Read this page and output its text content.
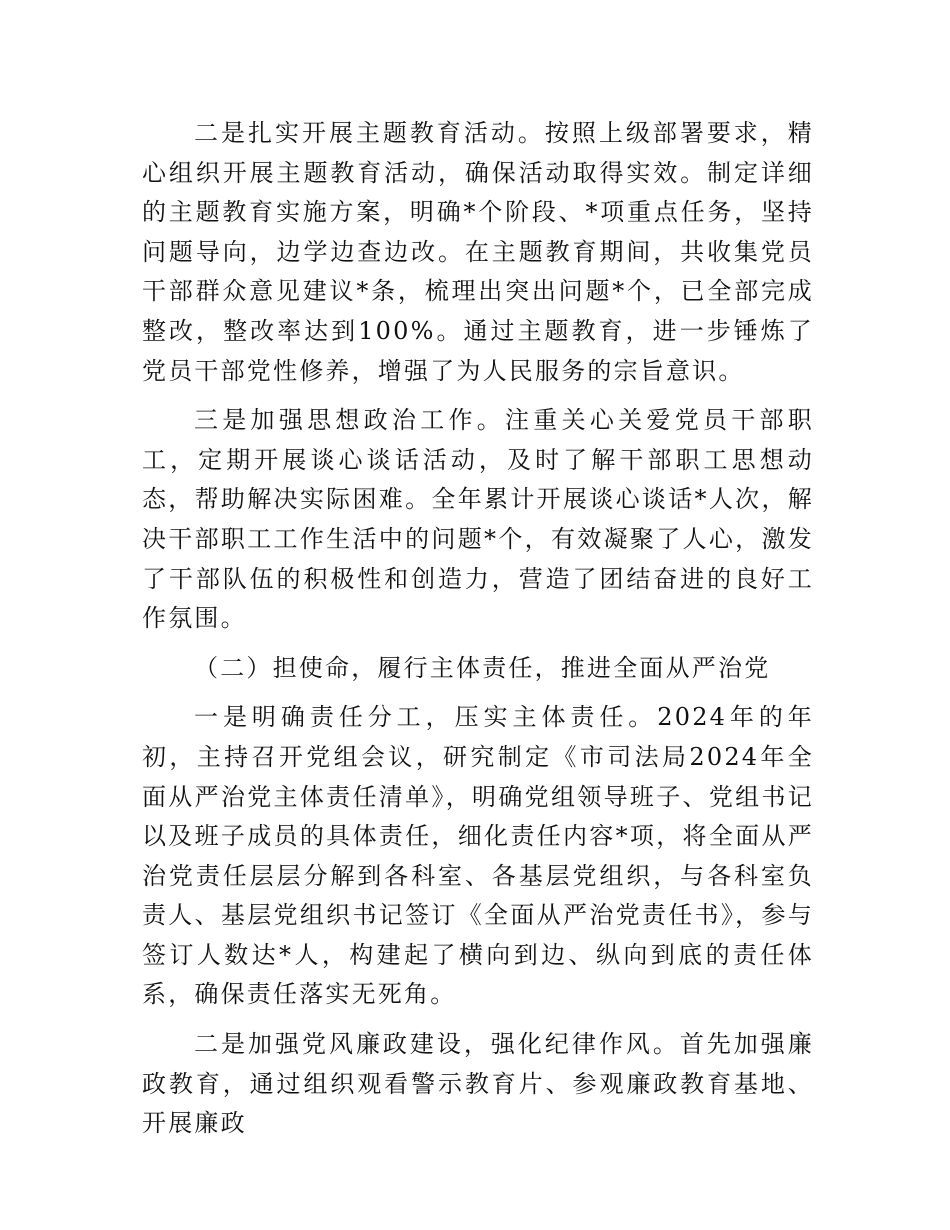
二是扎实开展主题教育活动。按照上级部署要求，精心组织开展主题教育活动，确保活动取得实效。制定详细的主题教育实施方案，明确*个阶段、*项重点任务，坚持问题导向，边学边查边改。在主题教育期间，共收集党员干部群众意见建议*条，梳理出突出问题*个，已全部完成整改，整改率达到100%。通过主题教育，进一步锤炼了党员干部党性修养，增强了为人民服务的宗旨意识。

三是加强思想政治工作。注重关心关爱党员干部职工，定期开展谈心谈话活动，及时了解干部职工思想动态，帮助解决实际困难。全年累计开展谈心谈话*人次，解决干部职工工作生活中的问题*个，有效凝聚了人心，激发了干部队伍的积极性和创造力，营造了团结奋进的良好工作氛围。

（二）担使命，履行主体责任，推进全面从严治党

一是明确责任分工，压实主体责任。2024年的年初，主持召开党组会议，研究制定《市司法局2024年全面从严治党主体责任清单》，明确党组领导班子、党组书记以及班子成员的具体责任，细化责任内容*项，将全面从严治党责任层层分解到各科室、各基层党组织，与各科室负责人、基层党组织书记签订《全面从严治党责任书》，参与签订人数达*人，构建起了横向到边、纵向到底的责任体系，确保责任落实无死角。

二是加强党风廉政建设，强化纪律作风。首先加强廉政教育，通过组织观看警示教育片、参观廉政教育基地、开展廉政
